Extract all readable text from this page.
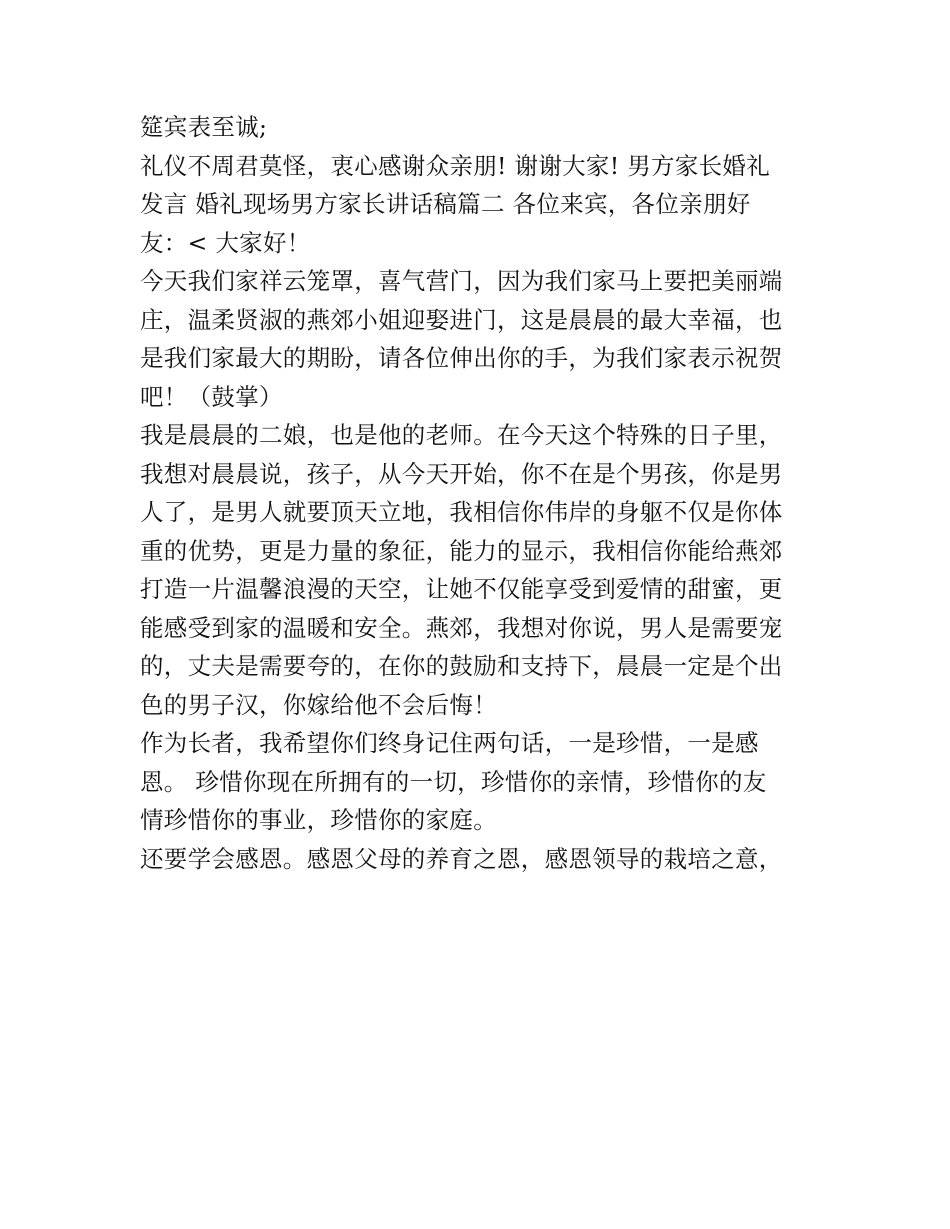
筵宾表至诚;
礼仪不周君莫怪，衷心感谢众亲朋! 谢谢大家! 男方家长婚礼
发言 婚礼现场男方家长讲话稿篇二 各位来宾，各位亲朋好
友：< 大家好！
今天我们家祥云笼罩，喜气营门，因为我们家马上要把美丽端
庄，温柔贤淑的燕郊小姐迎娶进门，这是晨晨的最大幸福，也
是我们家最大的期盼，请各位伸出你的手，为我们家表示祝贺
吧！（鼓掌）
我是晨晨的二娘，也是他的老师。在今天这个特殊的日子里，
我想对晨晨说，孩子，从今天开始，你不在是个男孩，你是男
人了，是男人就要顶天立地，我相信你伟岸的身躯不仅是你体
重的优势，更是力量的象征，能力的显示，我相信你能给燕郊
打造一片温馨浪漫的天空，让她不仅能享受到爱情的甜蜜，更
能感受到家的温暖和安全。燕郊，我想对你说，男人是需要宠
的，丈夫是需要夸的，在你的鼓励和支持下，晨晨一定是个出
色的男子汉，你嫁给他不会后悔！
作为长者，我希望你们终身记住两句话，一是珍惜，一是感
恩。 珍惜你现在所拥有的一切，珍惜你的亲情，珍惜你的友
情珍惜你的事业，珍惜你的家庭。
还要学会感恩。感恩父母的养育之恩，感恩领导的栽培之意，
